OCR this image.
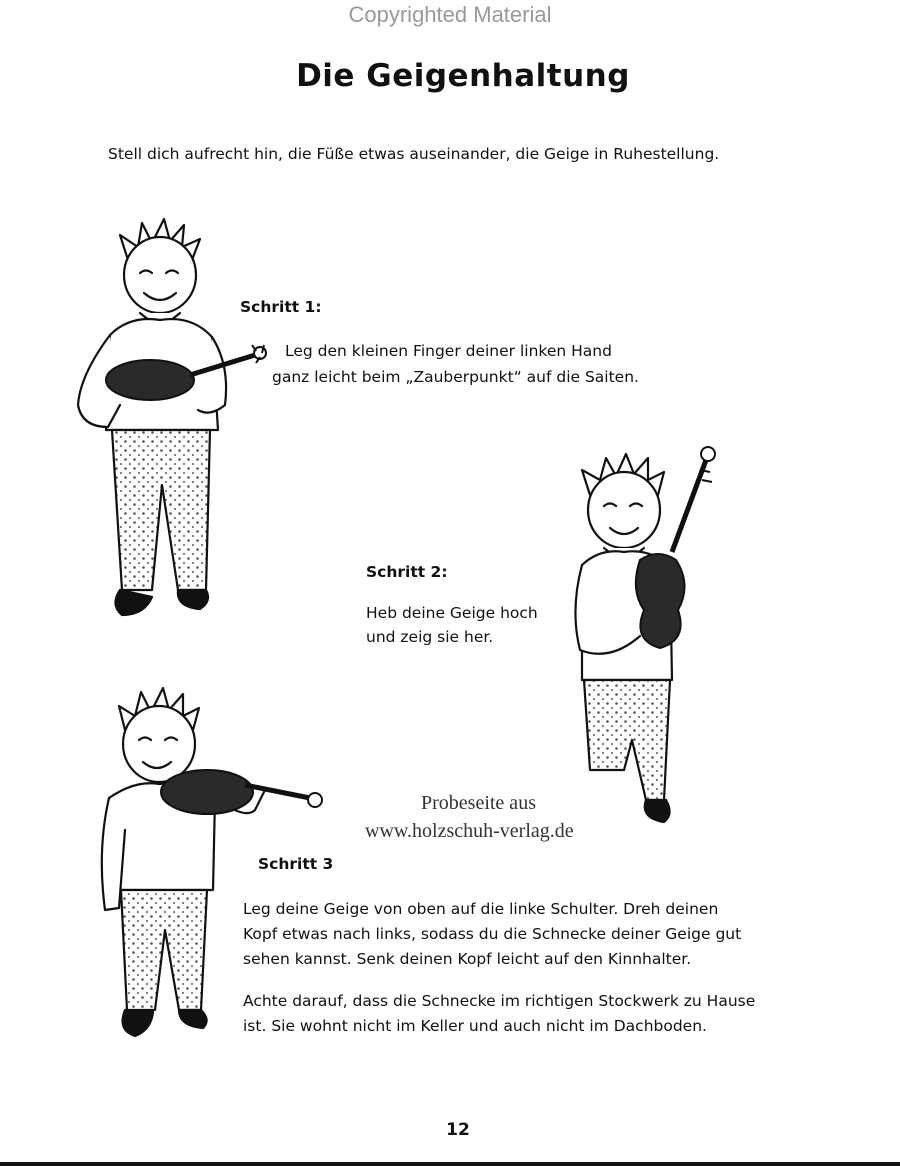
Copyrighted Material
Die Geigenhaltung
Stell dich aufrecht hin, die Füße etwas auseinander, die Geige in Ruhestellung.
Schritt 1:
Leg den kleinen Finger deiner linken Hand
ganz leicht beim „Zauberpunkt“ auf die Saiten.
Schritt 2:
Heb deine Geige hoch
und zeig sie her.
Probeseite aus
www.holzschuh-verlag.de
Schritt 3
Leg deine Geige von oben auf die linke Schulter. Dreh deinen
Kopf etwas nach links, sodass du die Schnecke deiner Geige gut
sehen kannst. Senk deinen Kopf leicht auf den Kinnhalter.
Achte darauf, dass die Schnecke im richtigen Stockwerk zu Hause
ist. Sie wohnt nicht im Keller und auch nicht im Dachboden.
12
